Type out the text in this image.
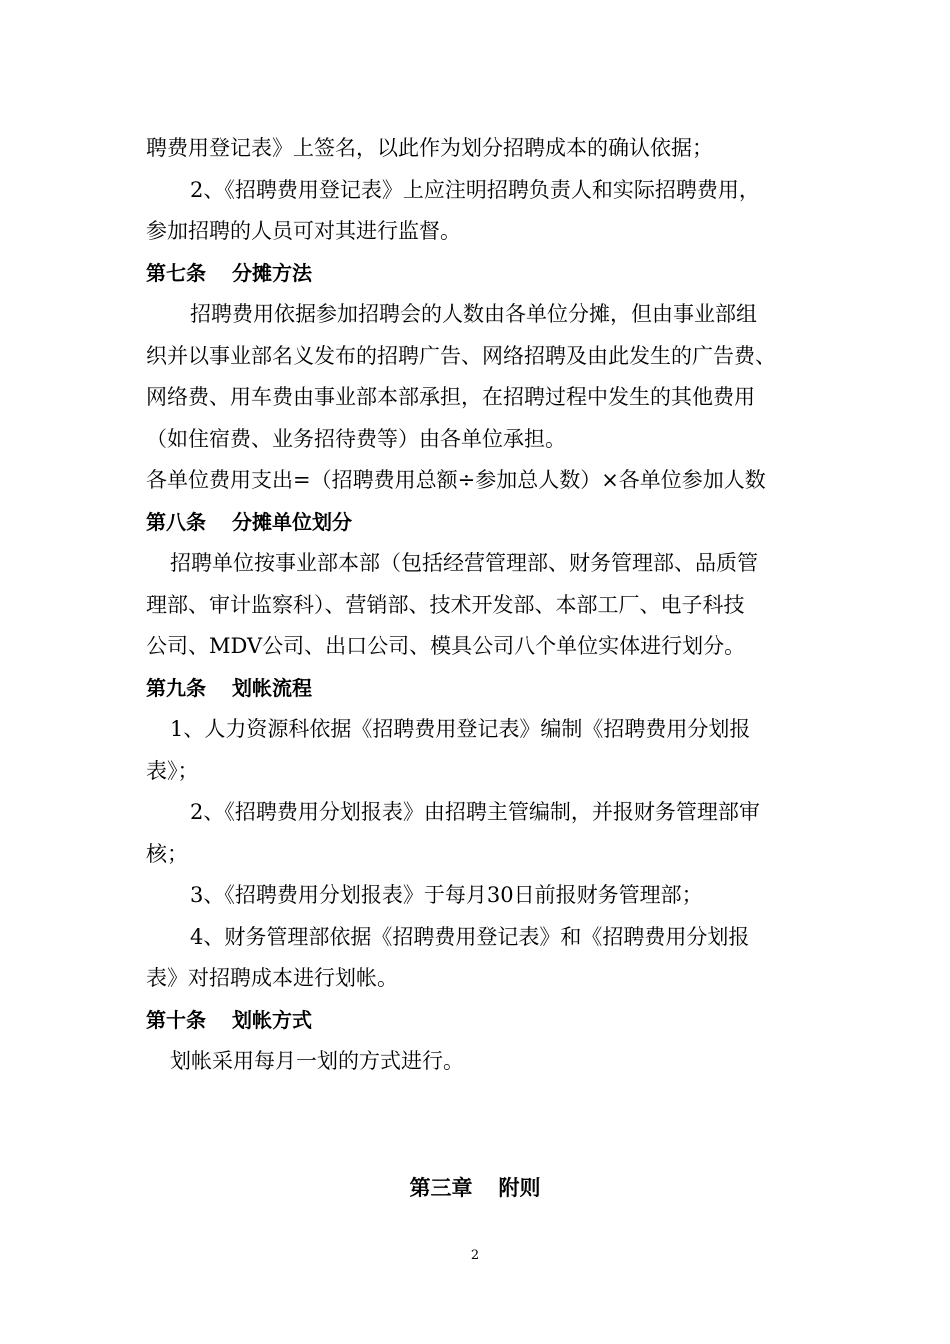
聘费用登记表》上签名，以此作为划分招聘成本的确认依据；

2、《招聘费用登记表》上应注明招聘负责人和实际招聘费用，

参加招聘的人员可对其进行监督。

第七条 分摊方法

招聘费用依据参加招聘会的人数由各单位分摊，但由事业部组

织并以事业部名义发布的招聘广告、网络招聘及由此发生的广告费、

网络费、用车费由事业部本部承担，在招聘过程中发生的其他费用

（如住宿费、业务招待费等）由各单位承担。

各单位费用支出=（招聘费用总额÷参加总人数）×各单位参加人数

第八条 分摊单位划分

招聘单位按事业部本部（包括经营管理部、财务管理部、品质管

理部、审计监察科）、营销部、技术开发部、本部工厂、电子科技

公司、MDV公司、出口公司、模具公司八个单位实体进行划分。

第九条 划帐流程

1、人力资源科依据《招聘费用登记表》编制《招聘费用分划报

表》；

2、《招聘费用分划报表》由招聘主管编制，并报财务管理部审

核；

3、《招聘费用分划报表》于每月30日前报财务管理部；

4、财务管理部依据《招聘费用登记表》和《招聘费用分划报

表》对招聘成本进行划帐。

第十条 划帐方式

划帐采用每月一划的方式进行。

第三章 附则
2
